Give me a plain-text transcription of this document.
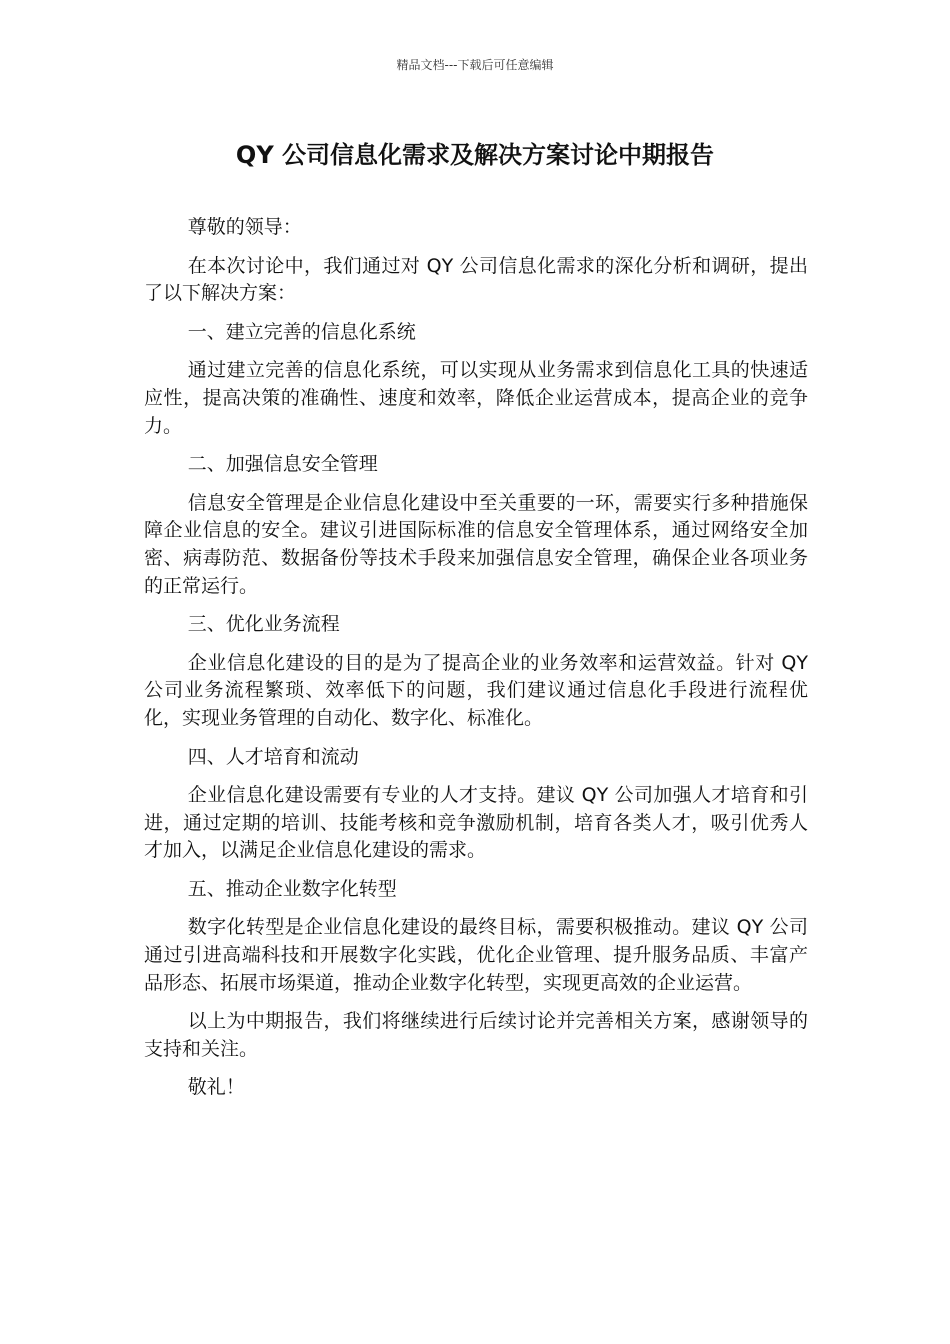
精品文档---下载后可任意编辑
QY 公司信息化需求及解决方案讨论中期报告

尊敬的领导：

在本次讨论中，我们通过对 QY 公司信息化需求的深化分析和调研，提出了以下解决方案：

一、建立完善的信息化系统

通过建立完善的信息化系统，可以实现从业务需求到信息化工具的快速适应性，提高决策的准确性、速度和效率，降低企业运营成本，提高企业的竞争力。

二、加强信息安全管理

信息安全管理是企业信息化建设中至关重要的一环，需要实行多种措施保障企业信息的安全。建议引进国际标准的信息安全管理体系，通过网络安全加密、病毒防范、数据备份等技术手段来加强信息安全管理，确保企业各项业务的正常运行。

三、优化业务流程

企业信息化建设的目的是为了提高企业的业务效率和运营效益。针对 QY 公司业务流程繁琐、效率低下的问题，我们建议通过信息化手段进行流程优化，实现业务管理的自动化、数字化、标准化。

四、人才培育和流动

企业信息化建设需要有专业的人才支持。建议 QY 公司加强人才培育和引进，通过定期的培训、技能考核和竞争激励机制，培育各类人才，吸引优秀人才加入，以满足企业信息化建设的需求。

五、推动企业数字化转型

数字化转型是企业信息化建设的最终目标，需要积极推动。建议 QY 公司通过引进高端科技和开展数字化实践，优化企业管理、提升服务品质、丰富产品形态、拓展市场渠道，推动企业数字化转型，实现更高效的企业运营。

以上为中期报告，我们将继续进行后续讨论并完善相关方案，感谢领导的支持和关注。

敬礼！
